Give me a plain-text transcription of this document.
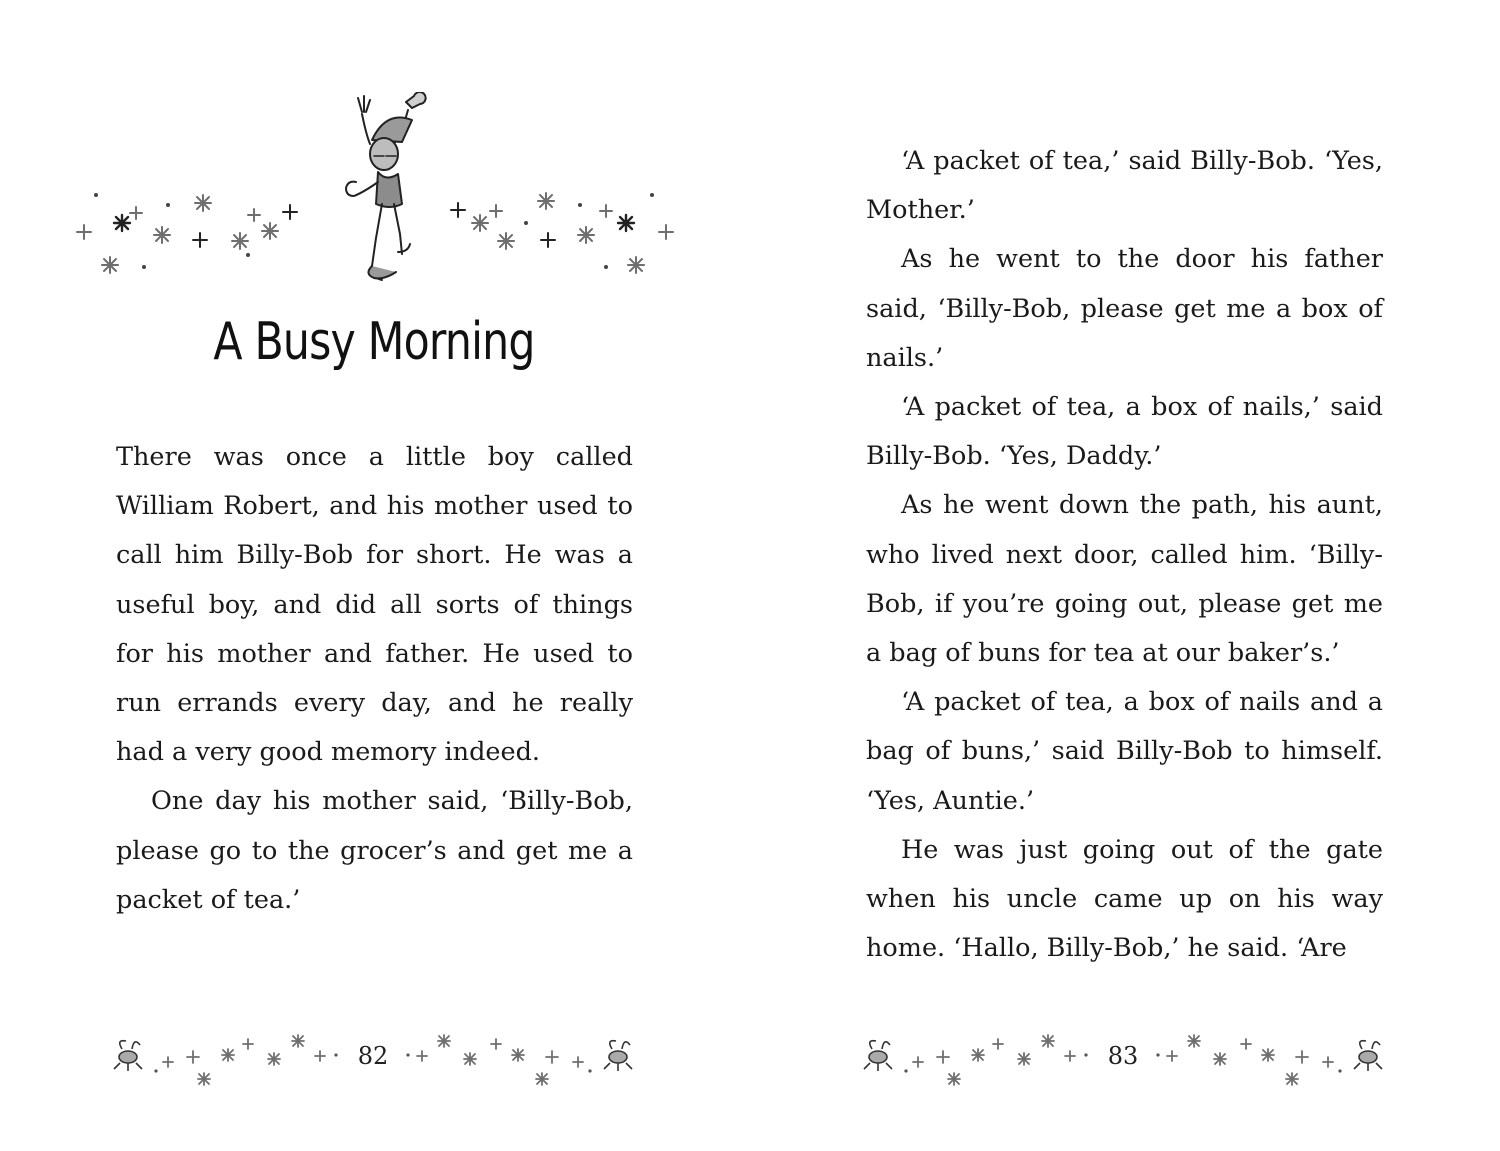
A Busy Morning

There was once a little boy called William Robert, and his mother used to call him Billy-Bob for short. He was a useful boy, and did all sorts of things for his mother and father. He used to run errands every day, and he really had a very good memory indeed.

One day his mother said, ‘Billy-Bob, please go to the grocer’s and get me a packet of tea.’

82

‘A packet of tea,’ said Billy-Bob. ‘Yes, Mother.’

As he went to the door his father said, ‘Billy-Bob, please get me a box of nails.’

‘A packet of tea, a box of nails,’ said Billy-Bob. ‘Yes, Daddy.’

As he went down the path, his aunt, who lived next door, called him. ‘Billy-Bob, if you’re going out, please get me a bag of buns for tea at our baker’s.’

‘A packet of tea, a box of nails and a bag of buns,’ said Billy-Bob to himself. ‘Yes, Auntie.’

He was just going out of the gate when his uncle came up on his way home. ‘Hallo, Billy-Bob,’ he said. ‘Are

83
